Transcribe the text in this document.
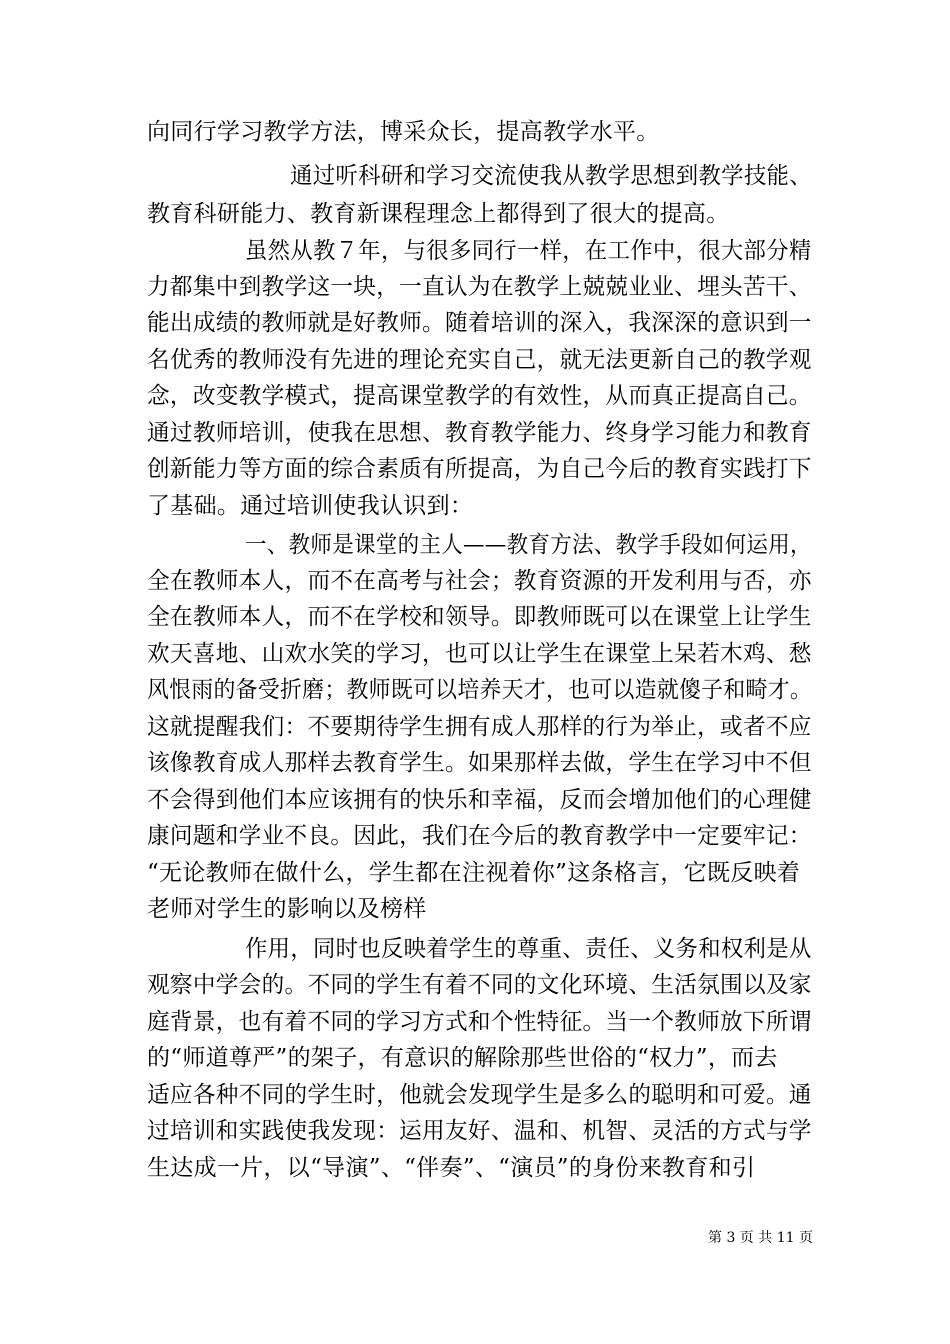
向同行学习教学方法，博采众长，提高教学水平。
通过听科研和学习交流使我从教学思想到教学技能、
教育科研能力、教育新课程理念上都得到了很大的提高。
虽然从教７年，与很多同行一样，在工作中，很大部分精
力都集中到教学这一块，一直认为在教学上兢兢业业、埋头苦干、
能出成绩的教师就是好教师。随着培训的深入，我深深的意识到一
名优秀的教师没有先进的理论充实自己，就无法更新自己的教学观
念，改变教学模式，提高课堂教学的有效性，从而真正提高自己。
通过教师培训，使我在思想、教育教学能力、终身学习能力和教育
创新能力等方面的综合素质有所提高，为自己今后的教育实践打下
了基础。通过培训使我认识到：
一、教师是课堂的主人——教育方法、教学手段如何运用，
全在教师本人，而不在高考与社会；教育资源的开发利用与否，亦
全在教师本人，而不在学校和领导。即教师既可以在课堂上让学生
欢天喜地、山欢水笑的学习，也可以让学生在课堂上呆若木鸡、愁
风恨雨的备受折磨；教师既可以培养天才，也可以造就傻子和畸才。
这就提醒我们：不要期待学生拥有成人那样的行为举止，或者不应
该像教育成人那样去教育学生。如果那样去做，学生在学习中不但
不会得到他们本应该拥有的快乐和幸福，反而会增加他们的心理健
康问题和学业不良。因此，我们在今后的教育教学中一定要牢记：
“无论教师在做什么，学生都在注视着你”这条格言，它既反映着
老师对学生的影响以及榜样
作用，同时也反映着学生的尊重、责任、义务和权利是从
观察中学会的。不同的学生有着不同的文化环境、生活氛围以及家
庭背景，也有着不同的学习方式和个性特征。当一个教师放下所谓
的“师道尊严”的架子，有意识的解除那些世俗的“权力”，而去
适应各种不同的学生时，他就会发现学生是多么的聪明和可爱。通
过培训和实践使我发现：运用友好、温和、机智、灵活的方式与学
生达成一片，以“导演”、“伴奏”、“演员”的身份来教育和引
第 3 页 共 11 页
